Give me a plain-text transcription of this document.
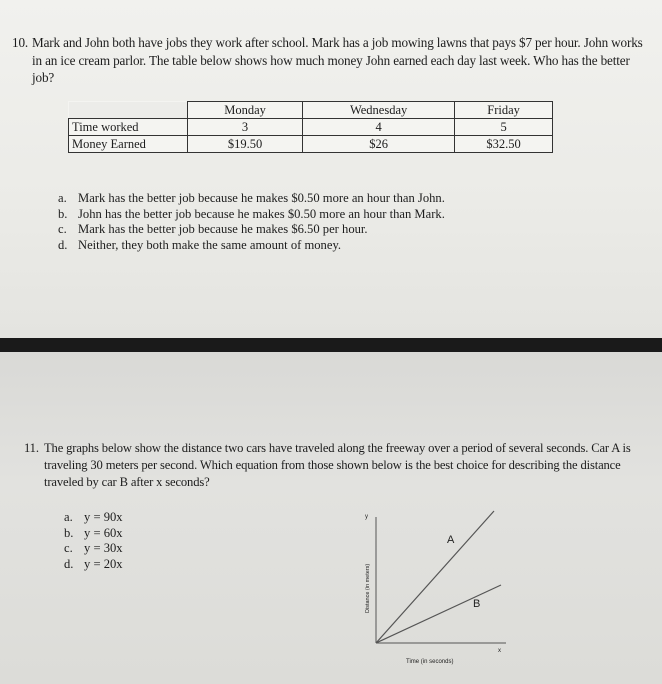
10. Mark and John both have jobs they work after school. Mark has a job mowing lawns that pays $7 per hour. John works in an ice cream parlor. The table below shows how much money John earned each day last week. Who has the better job?
	Monday	Wednesday	Friday
Time worked	3	4	5
Money Earned	$19.50	$26	$32.50
a. Mark has the better job because he makes $0.50 more an hour than John.
b. John has the better job because he makes $0.50 more an hour than Mark.
c. Mark has the better job because he makes $6.50 per hour.
d. Neither, they both make the same amount of money.
11. The graphs below show the distance two cars have traveled along the freeway over a period of several seconds. Car A is traveling 30 meters per second. Which equation from those shown below is the best choice for describing the distance traveled by car B after x seconds?
a. y = 90x
b. y = 60x
c. y = 30x
d. y = 20x
y
x
A
B
Distance (in meters)
Time (in seconds)
